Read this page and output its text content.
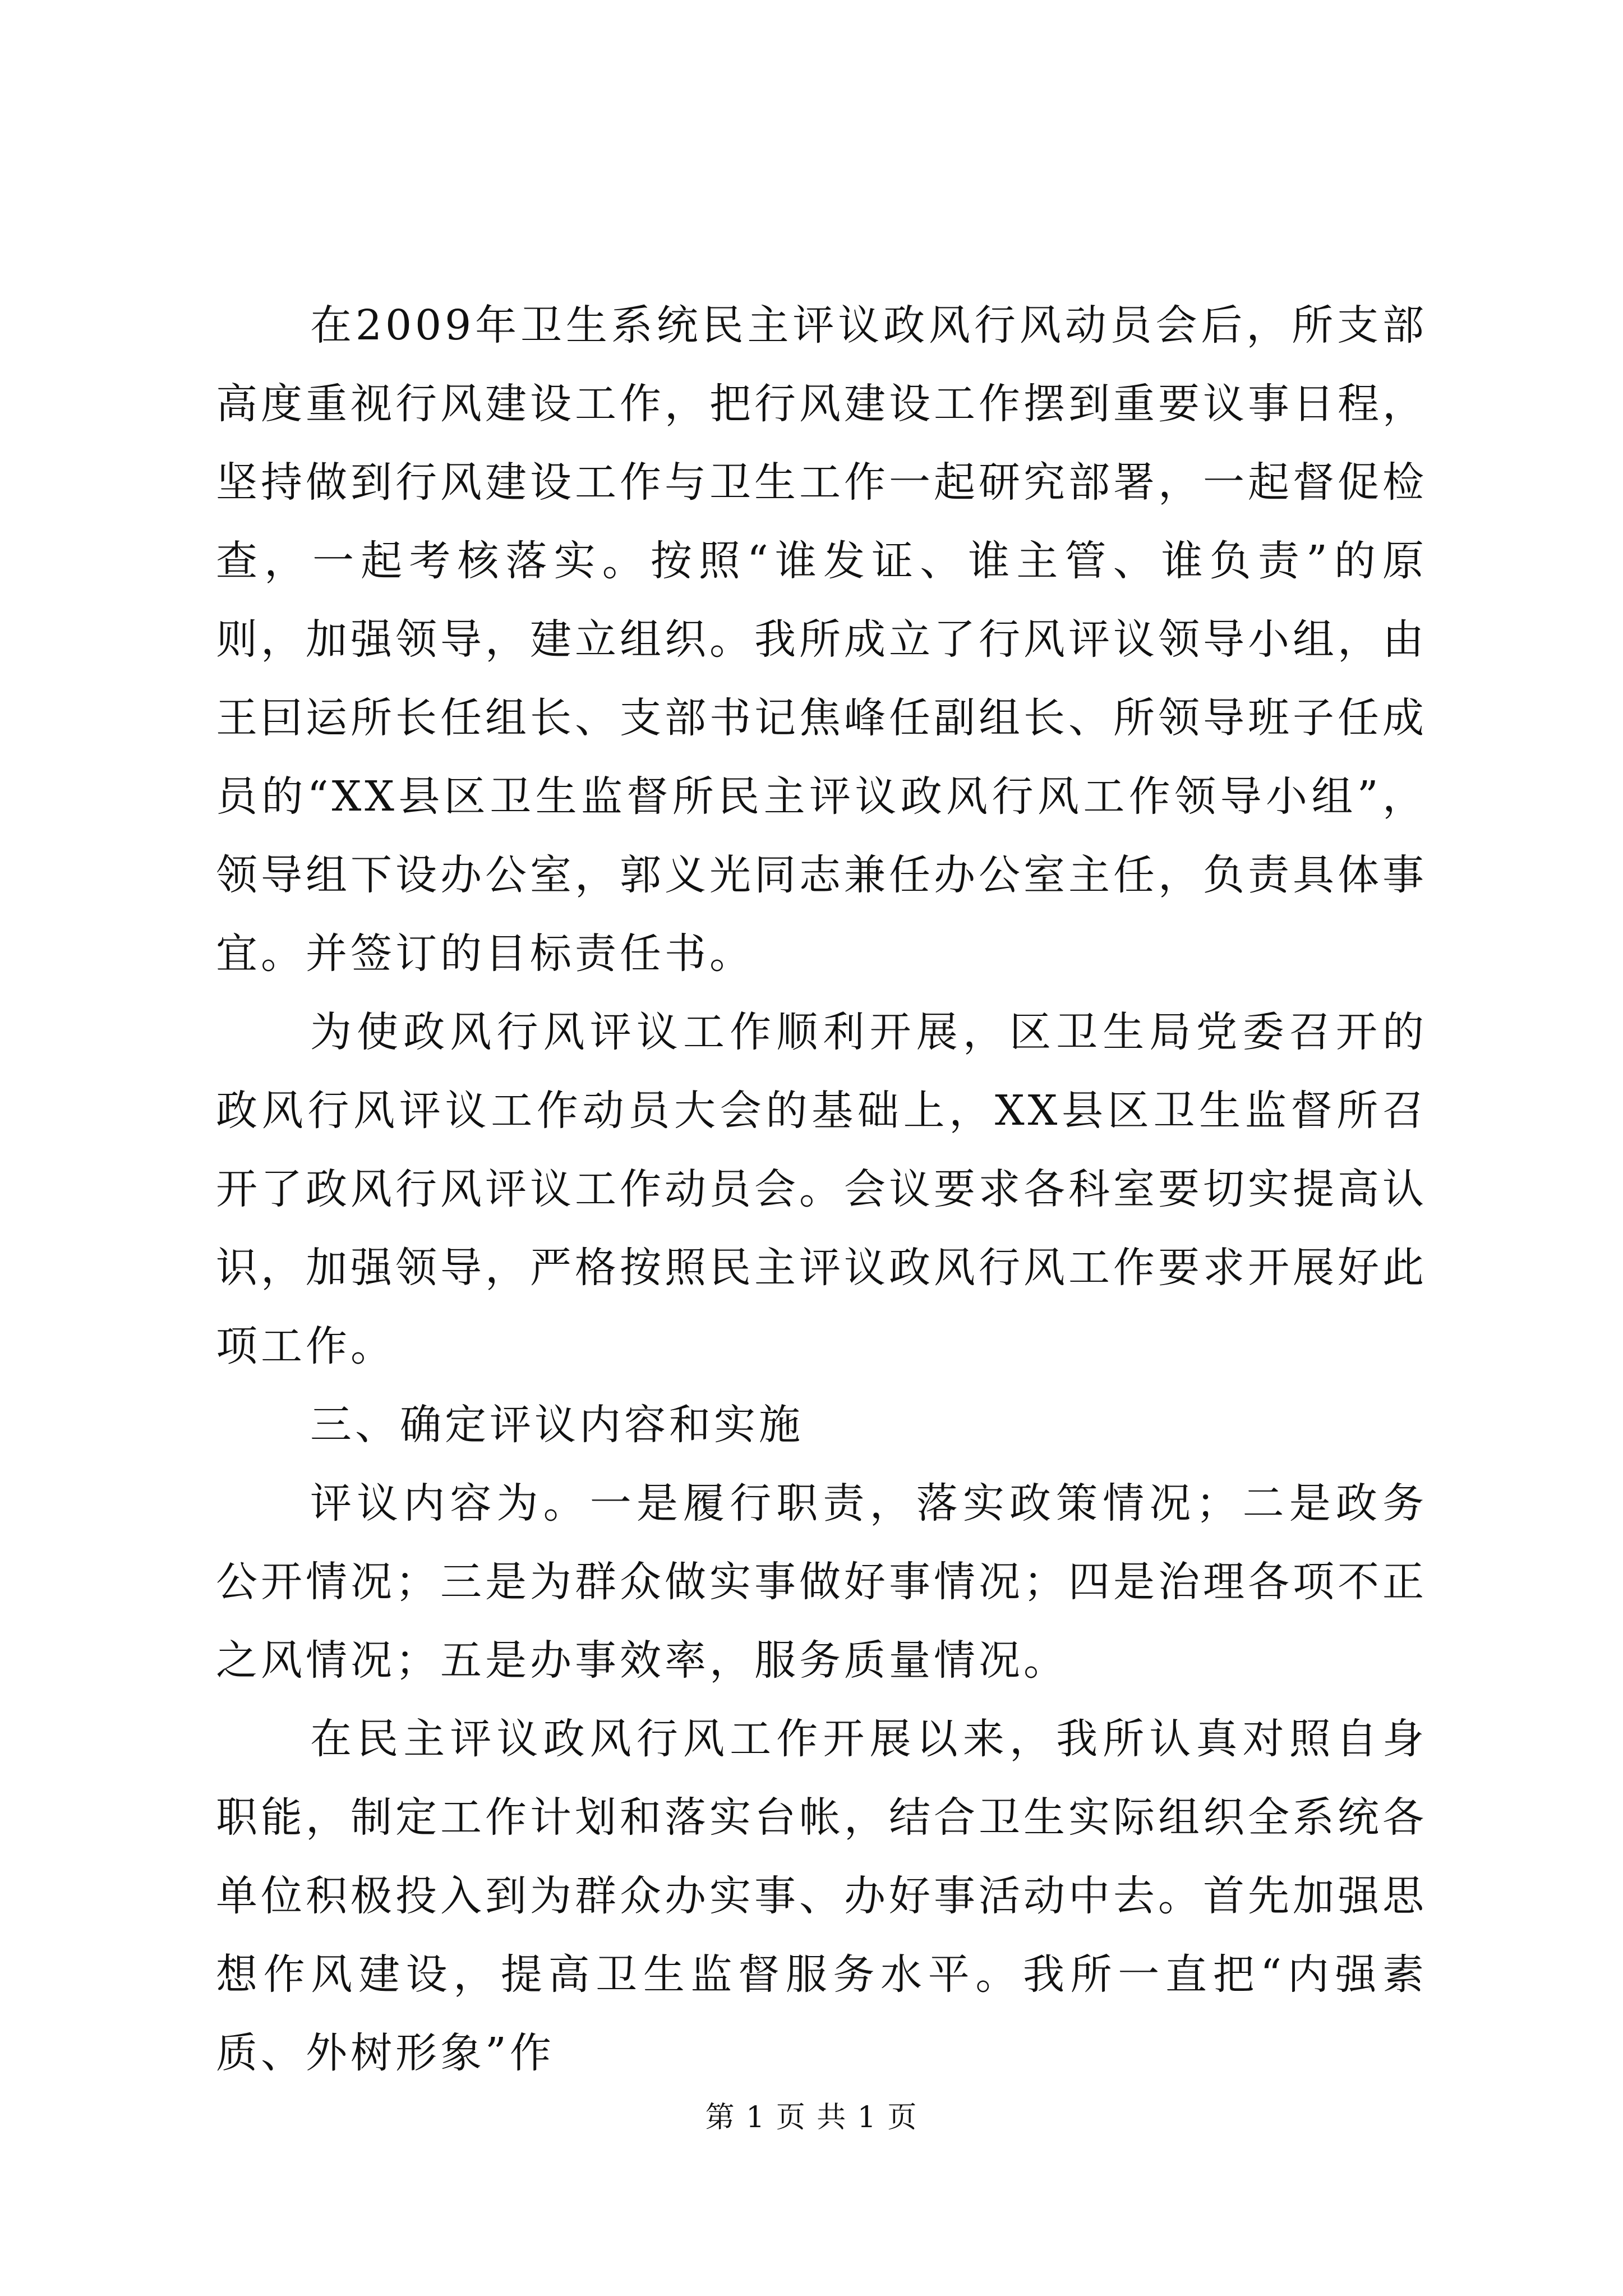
在2009年卫生系统民主评议政风行风动员会后，所支部高度重视行风建设工作，把行风建设工作摆到重要议事日程，坚持做到行风建设工作与卫生工作一起研究部署，一起督促检查，一起考核落实。按照“谁发证、谁主管、谁负责”的原则，加强领导，建立组织。我所成立了行风评议领导小组，由王囙运所长任组长、支部书记焦峰任副组长、所领导班子任成员的“XX县区卫生监督所民主评议政风行风工作领导小组”，领导组下设办公室，郭义光同志兼任办公室主任，负责具体事宜。并签订的目标责任书。

为使政风行风评议工作顺利开展，区卫生局党委召开的政风行风评议工作动员大会的基础上，XX县区卫生监督所召开了政风行风评议工作动员会。会议要求各科室要切实提高认识，加强领导，严格按照民主评议政风行风工作要求开展好此项工作。

三、确定评议内容和实施

评议内容为。一是履行职责，落实政策情况；二是政务公开情况；三是为群众做实事做好事情况；四是治理各项不正之风情况；五是办事效率，服务质量情况。

在民主评议政风行风工作开展以来，我所认真对照自身职能，制定工作计划和落实台帐，结合卫生实际组织全系统各单位积极投入到为群众办实事、办好事活动中去。首先加强思想作风建设，提高卫生监督服务水平。我所一直把“内强素质、外树形象”作

第 1 页 共 1 页
